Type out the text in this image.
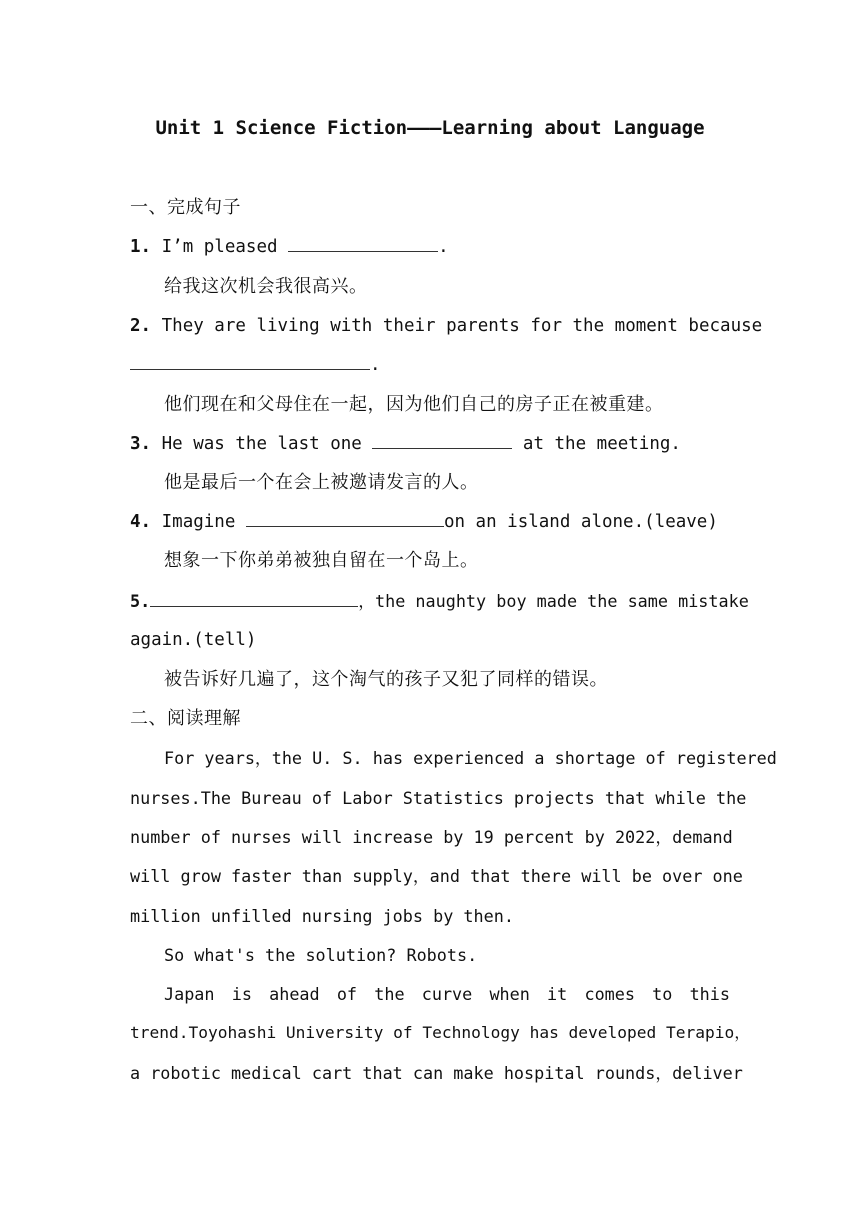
Unit 1 Science Fiction———Learning about Language
一、完成句子
1. I’m pleased	.
给我这次机会我很高兴。
2. They are living with their parents for the moment because
.
他们现在和父母住在一起，因为他们自己的房子正在被重建。
3. He was the last one	at the meeting.
他是最后一个在会上被邀请发言的人。
4. Imagine	on an island alone.(leave)
想象一下你弟弟被独自留在一个岛上。
5.	，the naughty boy made the same mistake
again.(tell)
被告诉好几遍了，这个淘气的孩子又犯了同样的错误。
二、阅读理解
For years，the U. S. has experienced a shortage of registered
nurses.The Bureau of Labor Statistics projects that while the
number of nurses will increase by 19 percent by 2022，demand
will grow faster than supply，and that there will be over one
million unfilled nursing jobs by then.
So what's the solution? Robots.
Japan is ahead of the curve when it comes to this
trend.Toyohashi University of Technology has developed Terapio，
a robotic medical cart that can make hospital rounds，deliver
